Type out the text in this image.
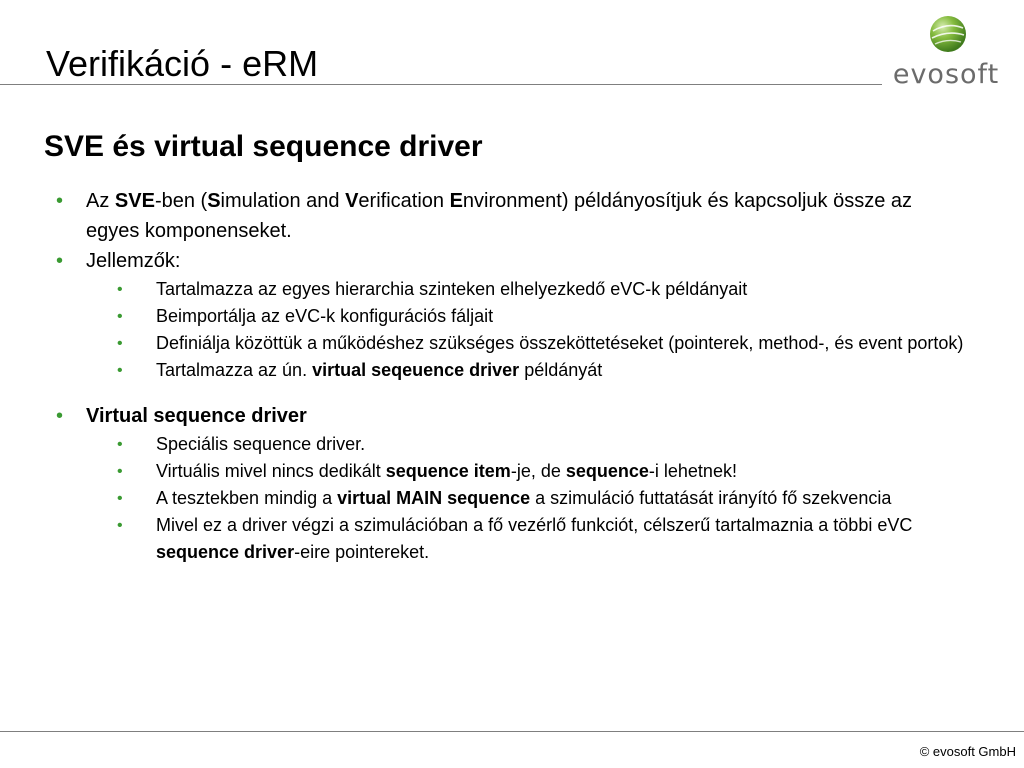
Verifikáció - eRM	evosoft
SVE és virtual sequence driver
• Az SVE-ben (Simulation and Verification Environment) példányosítjuk és kapcsoljuk össze az egyes komponenseket.
• Jellemzők:
• Tartalmazza az egyes hierarchia szinteken elhelyezkedő eVC-k példányait
• Beimportálja az eVC-k konfigurációs fáljait
• Definiálja közöttük a működéshez szükséges összeköttetéseket (pointerek, method-, és event portok)
• Tartalmazza az ún. virtual seqeuence driver példányát
• Virtual sequence driver
• Speciális sequence driver.
• Virtuális mivel nincs dedikált sequence item-je, de sequence-i lehetnek!
• A tesztekben mindig a virtual MAIN sequence a szimuláció futtatását irányító fő szekvencia
• Mivel ez a driver végzi a szimulációban a fő vezérlő funkciót, célszerű tartalmaznia a többi eVC sequence driver-eire pointereket.
© evosoft GmbH
